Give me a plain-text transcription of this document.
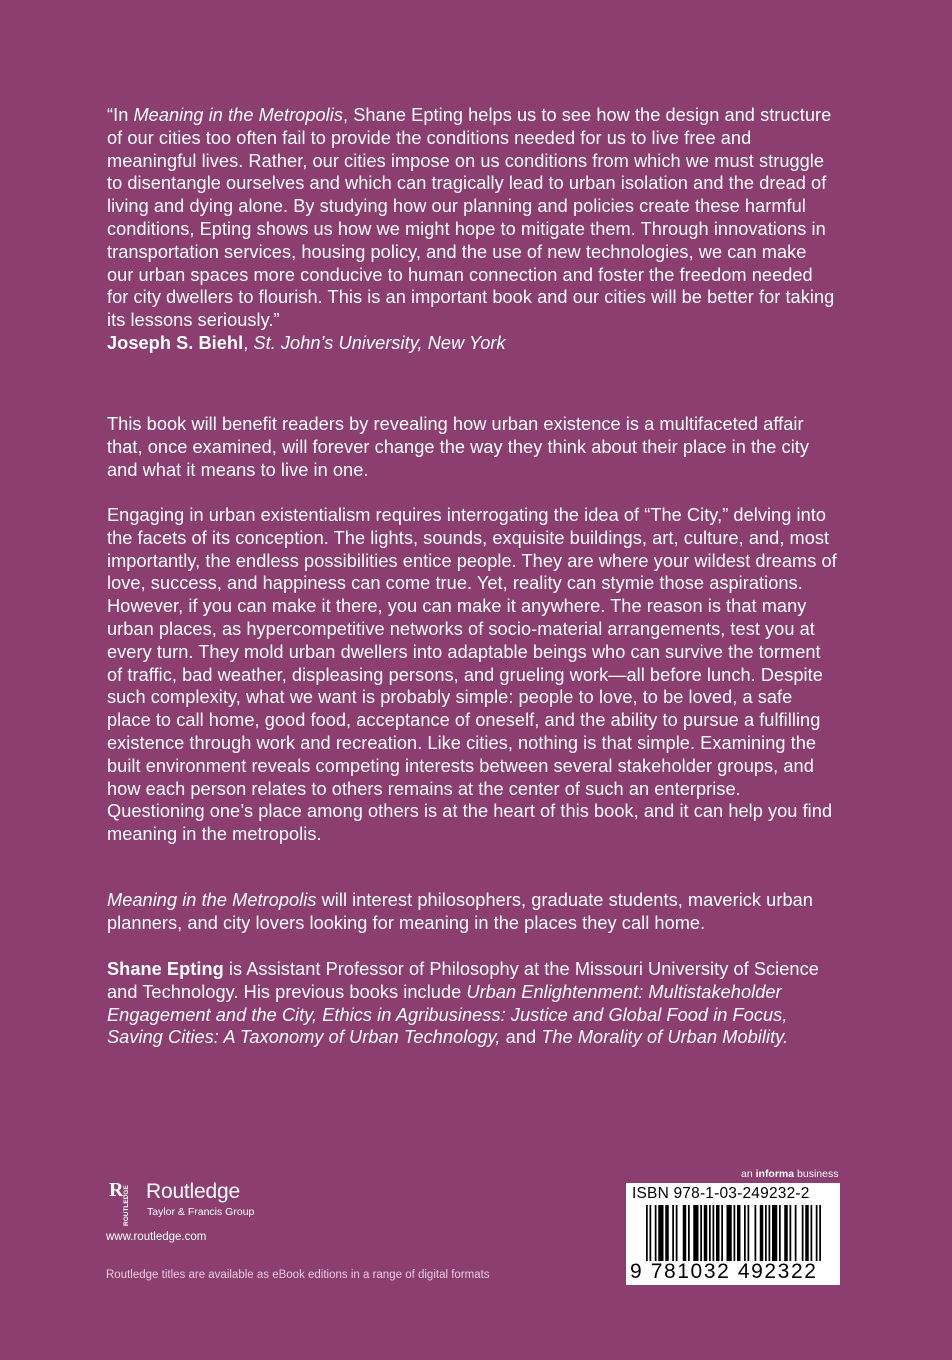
“In Meaning in the Metropolis, Shane Epting helps us to see how the design and structure of our cities too often fail to provide the conditions needed for us to live free and meaningful lives. Rather, our cities impose on us conditions from which we must struggle to disentangle ourselves and which can tragically lead to urban isolation and the dread of living and dying alone. By studying how our planning and policies create these harmful conditions, Epting shows us how we might hope to mitigate them. Through innovations in transportation services, housing policy, and the use of new technologies, we can make our urban spaces more conducive to human connection and foster the freedom needed for city dwellers to flourish. This is an important book and our cities will be better for taking its lessons seriously.”

Joseph S. Biehl, St. John’s University, New York

This book will benefit readers by revealing how urban existence is a multifaceted affair that, once examined, will forever change the way they think about their place in the city and what it means to live in one.

Engaging in urban existentialism requires interrogating the idea of “The City,” delving into the facets of its conception. The lights, sounds, exquisite buildings, art, culture, and, most importantly, the endless possibilities entice people. They are where your wildest dreams of love, success, and happiness can come true. Yet, reality can stymie those aspirations. However, if you can make it there, you can make it anywhere. The reason is that many urban places, as hypercompetitive networks of socio-material arrangements, test you at every turn. They mold urban dwellers into adaptable beings who can survive the torment of traffic, bad weather, displeasing persons, and grueling work—all before lunch. Despite such complexity, what we want is probably simple: people to love, to be loved, a safe place to call home, good food, acceptance of oneself, and the ability to pursue a fulfilling existence through work and recreation. Like cities, nothing is that simple. Examining the built environment reveals competing interests between several stakeholder groups, and how each person relates to others remains at the center of such an enterprise. Questioning one’s place among others is at the heart of this book, and it can help you find meaning in the metropolis.

Meaning in the Metropolis will interest philosophers, graduate students, maverick urban planners, and city lovers looking for meaning in the places they call home.

Shane Epting is Assistant Professor of Philosophy at the Missouri University of Science and Technology. His previous books include Urban Enlightenment: Multistakeholder Engagement and the City, Ethics in Agribusiness: Justice and Global Food in Focus, Saving Cities: A Taxonomy of Urban Technology, and The Morality of Urban Mobility.

R ROUTLEDGE Routledge
Taylor & Francis Group
www.routledge.com
Routledge titles are available as eBook editions in a range of digital formats
an informa business
ISBN 978-1-03-249232-2
9 781032 492322
